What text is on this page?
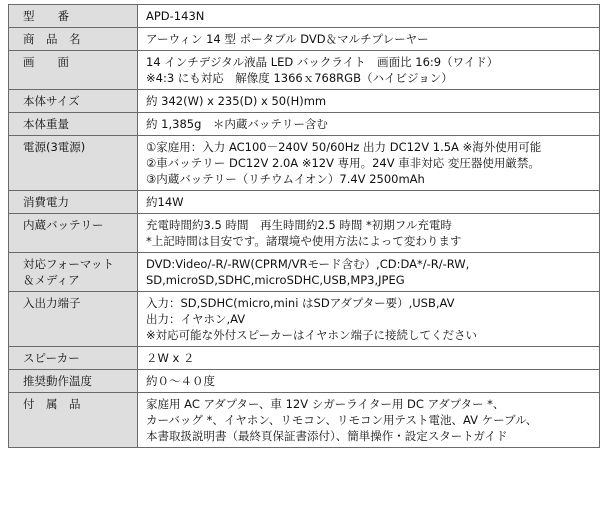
型　　番	APD-143N

商　品　名	アーウィン 14 型 ポータブル DVD＆マルチプレーヤー

画　　面	14 インチデジタル液晶 LED バックライト　画面比 16:9（ワイド）
※4:3 にも対応　解像度 1366ｘ768RGB（ハイビジョン）

本体サイズ	約 342(W) x 235(D) x 50(H)mm

本体重量	約 1,385g　＊内蔵バッテリー含む

電源(3電源)	①家庭用：入力 AC100－240V 50/60Hz 出力 DC12V 1.5A ※海外使用可能
②車バッテリー DC12V 2.0A ※12V 専用。24V 車非対応 変圧器使用厳禁。
③内蔵バッテリー（リチウムイオン）7.4V 2500mAh

消費電力	約14W

内蔵バッテリー	充電時間約3.5 時間　再生時間約2.5 時間 *初期フル充電時
*上記時間は目安です。諸環境や使用方法によって変わります

対応フォーマット
＆メディア	DVD:Video/-R/-RW(CPRM/VRモード含む）,CD:DA*/-R/-RW,
SD,microSD,SDHC,microSDHC,USB,MP3,JPEG

入出力端子	入力：SD,SDHC(micro,mini はSDアダプター要）,USB,AV
出力：イヤホン,AV
※対応可能な外付スピーカーはイヤホン端子に接続してください

スピーカー	２W x ２

推奨動作温度	約０～４０度

付　属　品	家庭用 AC アダプター、車 12V シガーライター用 DC アダプター *、
カーバッグ *、イヤホン、リモコン、リモコン用テスト電池、AV ケーブル、
本書取扱説明書（最終頁保証書添付）、簡単操作・設定スタートガイド
